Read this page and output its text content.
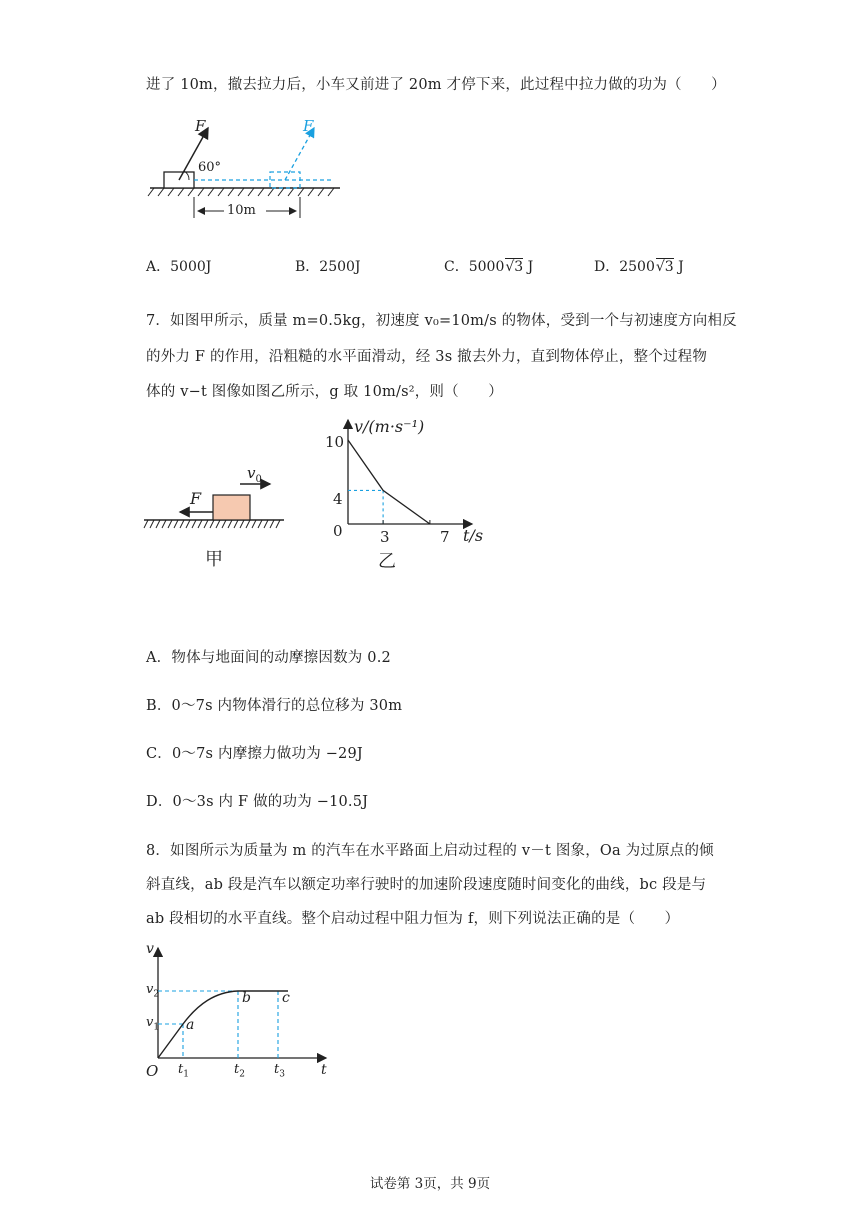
进了 10m，撤去拉力后，小车又前进了 20m 才停下来，此过程中拉力做的功为（　　）
F	F
60°
10m
A．5000J	B．2500J	C．5000√3 J	D．2500√3 J
7．如图甲所示，质量 m=0.5kg，初速度 v₀=10m/s 的物体，受到一个与初速度方向相反
的外力 F 的作用，沿粗糙的水平面滑动，经 3s 撤去外力，直到物体停止，整个过程物
体的 v−t 图像如图乙所示，g 取 10m/s²，则（　　）
F
$v_0$
甲
v/(m·s⁻¹)
10
4
0 3	7 t/s
乙
A．物体与地面间的动摩擦因数为 0.2
B．0～7s 内物体滑行的总位移为 30m
C．0～7s 内摩擦力做功为 −29J
D．0～3s 内 F 做的功为 −10.5J
8．如图所示为质量为 m 的汽车在水平路面上启动过程的 v－t 图象，Oa 为过原点的倾
斜直线，ab 段是汽车以额定功率行驶时的加速阶段速度随时间变化的曲线，bc 段是与
ab 段相切的水平直线。整个启动过程中阻力恒为 f，则下列说法正确的是（　　）
v
$v_2$
$v_1$ a
b c
O $t_1$	$t_2$ $t_3$	t
试卷第 3页，共 9页
